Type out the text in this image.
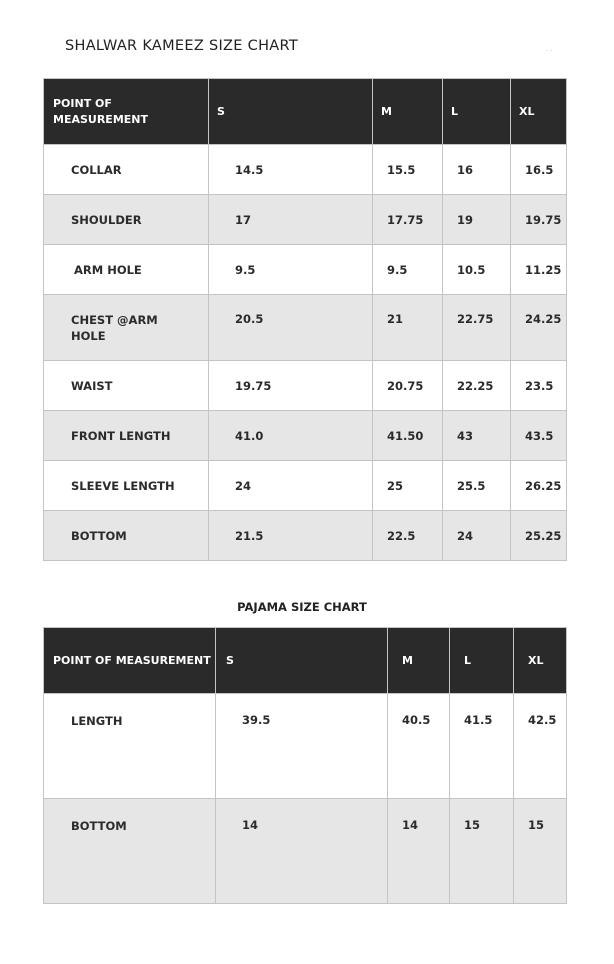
SHALWAR KAMEEZ SIZE CHART	· ·
POINT OF MEASUREMENT	S	M	L	XL
COLLAR	14.5	15.5	16	16.5
SHOULDER	17	17.75	19	19.75
ARM HOLE	9.5	9.5	10.5	11.25
CHEST @ARM HOLE	20.5	21	22.75	24.25
WAIST	19.75	20.75	22.25	23.5
FRONT LENGTH	41.0	41.50	43	43.5
SLEEVE LENGTH	24	25	25.5	26.25
BOTTOM	21.5	22.5	24	25.25
PAJAMA SIZE CHART
POINT OF MEASUREMENT	S	M	L	XL
LENGTH	39.5	40.5	41.5	42.5
BOTTOM	14	14	15	15
